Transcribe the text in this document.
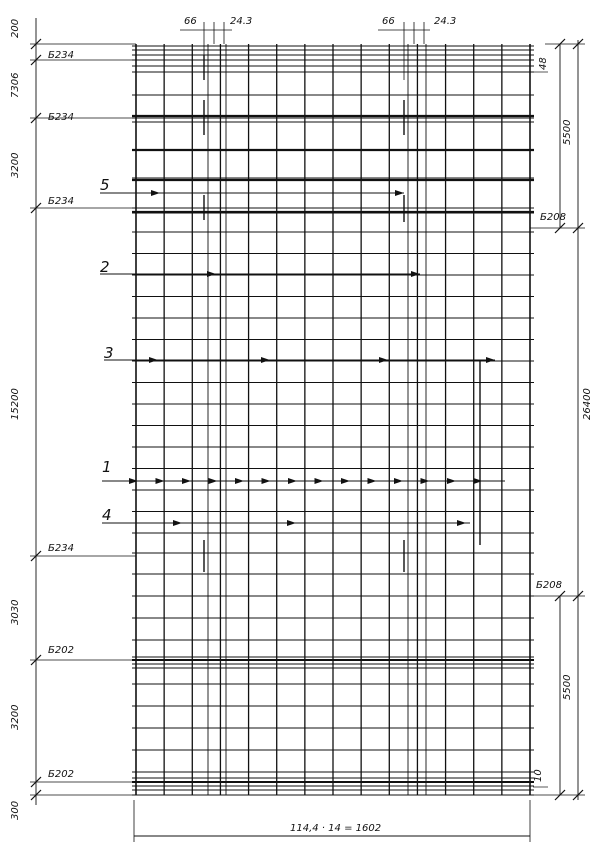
5
2
3
1
4
200
7306
3200
15200
3030
3200
300
Б234
Б234
Б234
Б234
Б202
Б202
Б208
Б208
5500
26400
5500
48
10
66	24.3	66	24.3
114,4 · 14 = 1602
